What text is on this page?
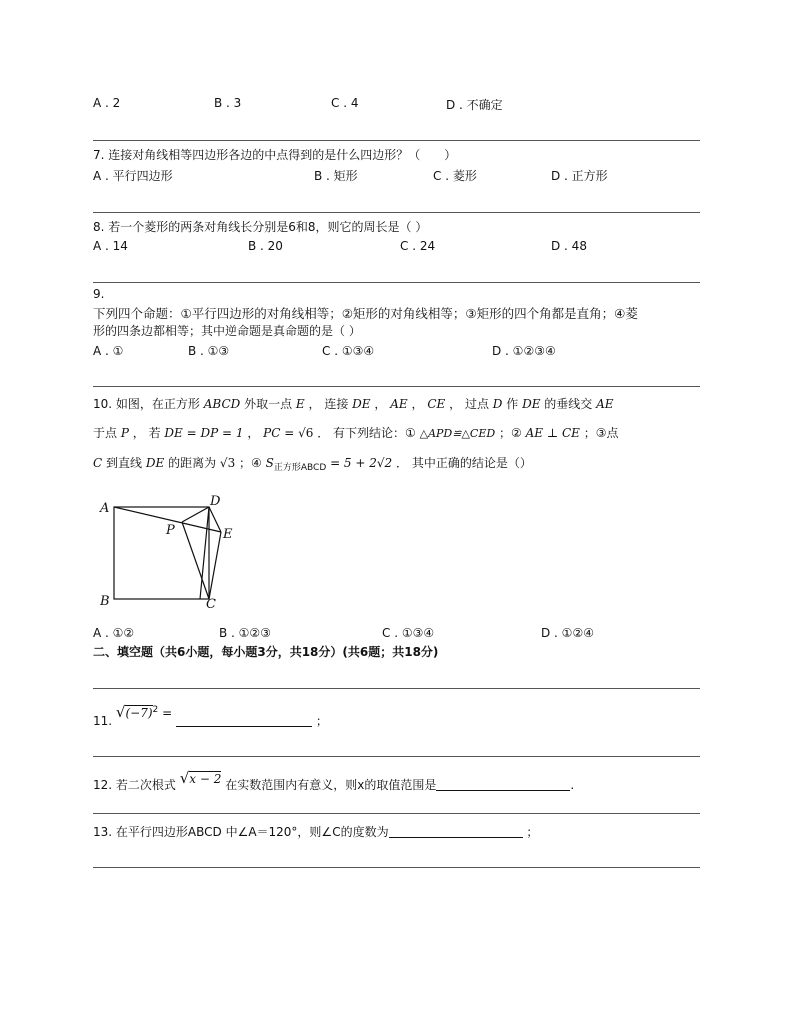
A . 2	B . 3	C . 4	D . 不确定
7. 连接对角线相等四边形各边的中点得到的是什么四边形？（　　）
A . 平行四边形	B . 矩形	C . 菱形	D . 正方形
8. 若一个菱形的两条对角线长分别是6和8，则它的周长是（ ）
A . 14	B . 20	C . 24	D . 48
9.
下列四个命题：①平行四边形的对角线相等；②矩形的对角线相等；③矩形的四个角都是直角；④菱
形的四条边都相等；其中逆命题是真命题的是（ ）
A . ①	B . ①③	C . ①③④	D . ①②③④
10. 如图，在正方形 ABCD 外取一点 E ， 连接 DE ， AE ， CE ， 过点 D 作 DE 的垂线交 AE
于点 P ， 若 DE = DP = 1 ， PC = √6 ． 有下列结论：① △APD≌△CED ；② AE ⊥ CE ；③点
C 到直线 DE 的距离为 √3 ；④ $S_{正方形ABCD} = 5 + 2√2$ ． 其中正确的结论是（）
A
B	C
D
E
P
A . ①②	B . ①②③	C . ①③④	D . ①②④
二、填空题（共6小题，每小题3分，共18分）(共6题；共18分)
11. $√(-7)^2$ =  ；
12. 若二次根式 √x − 2 在实数范围内有意义，则x的取值范围是	.
13. 在平行四边形ABCD 中∠A＝120°，则∠C的度数为	；
